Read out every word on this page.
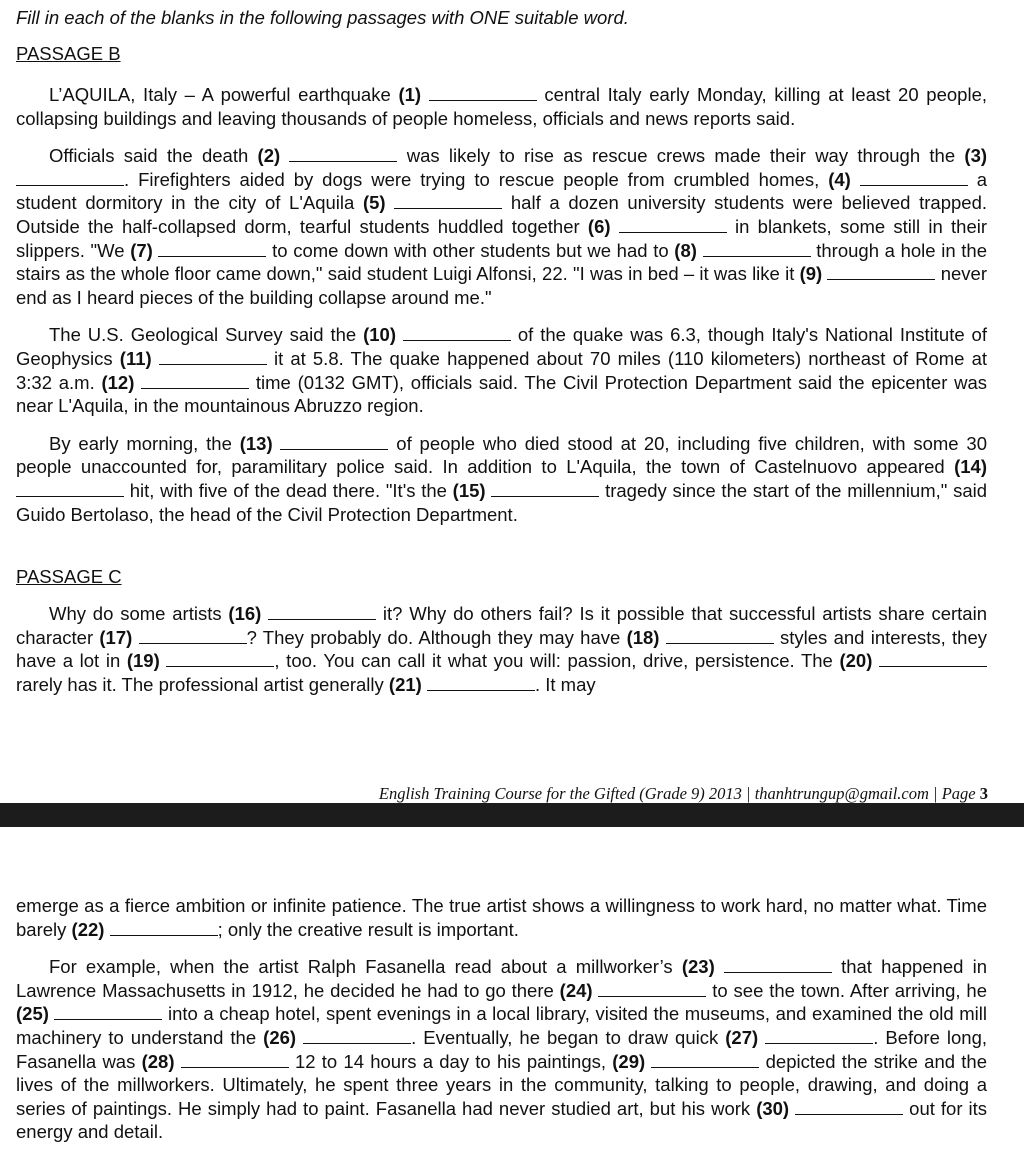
Fill in each of the blanks in the following passages with ONE suitable word.

PASSAGE B

L’AQUILA, Italy – A powerful earthquake (1)	central Italy early Monday, killing at least 20 people, collapsing buildings and leaving thousands of people homeless, officials and news reports said.

Officials said the death (2)	was likely to rise as rescue crews made their way through the (3) . Firefighters aided by dogs were trying to rescue people from crumbled homes, (4)	a student dormitory in the city of L'Aquila (5)	half a dozen university students were believed trapped. Outside the half-collapsed dorm, tearful students huddled together (6)	in blankets, some still in their slippers. "We (7)	to come down with other students but we had to (8)	through a hole in the stairs as the whole floor came down," said student Luigi Alfonsi, 22. "I was in bed – it was like it (9)	never end as I heard pieces of the building collapse around me."

The U.S. Geological Survey said the (10)	of the quake was 6.3, though Italy's National Institute of Geophysics (11)	it at 5.8. The quake happened about 70 miles (110 kilometers) northeast of Rome at 3:32 a.m. (12)	time (0132 GMT), officials said. The Civil Protection Department said the epicenter was near L'Aquila, in the mountainous Abruzzo region.

By early morning, the (13)	of people who died stood at 20, including five children, with some 30 people unaccounted for, paramilitary police said. In addition to L'Aquila, the town of Castelnuovo appeared (14)  hit, with five of the dead there. "It's the (15)	tragedy since the start of the millennium," said Guido Bertolaso, the head of the Civil Protection Department.

PASSAGE C

Why do some artists (16)	it? Why do others fail? Is it possible that successful artists share certain character (17)	? They probably do. Although they may have (18)	styles and interests, they have a lot in (19)	, too. You can call it what you will: passion, drive, persistence. The (20)  rarely has it. The professional artist generally (21)	. It may

English Training Course for the Gifted (Grade 9) 2013 | thanhtrungup@gmail.com | Page 3

emerge as a fierce ambition or infinite patience. The true artist shows a willingness to work hard, no matter what. Time barely (22)	; only the creative result is important.

For example, when the artist Ralph Fasanella read about a millworker’s (23)	that happened in Lawrence Massachusetts in 1912, he decided he had to go there (24)	to see the town. After arriving, he (25)	into a cheap hotel, spent evenings in a local library, visited the museums, and examined the old mill machinery to understand the (26)	. Eventually, he began to draw quick (27)	. Before long, Fasanella was (28)	12 to 14 hours a day to his paintings, (29)	depicted the strike and the lives of the millworkers. Ultimately, he spent three years in the community, talking to people, drawing, and doing a series of paintings. He simply had to paint. Fasanella had never studied art, but his work (30)	out for its energy and detail.
